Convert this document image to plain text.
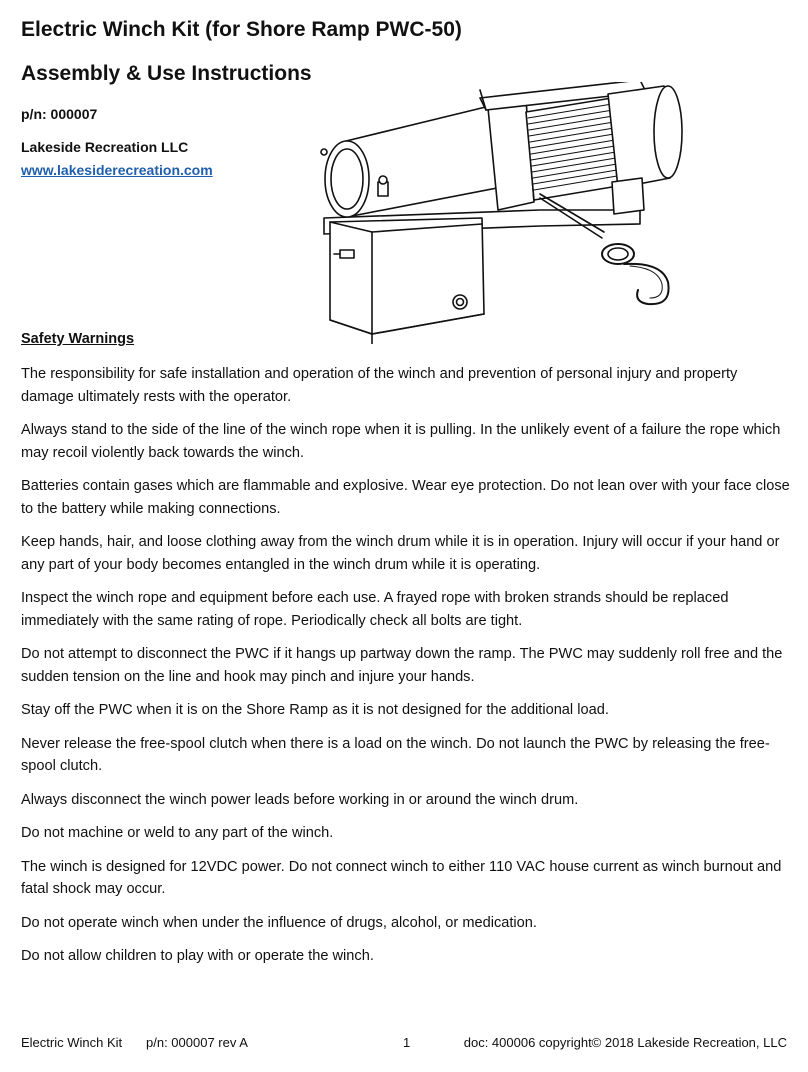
Electric Winch Kit (for Shore Ramp PWC-50)
Assembly & Use Instructions
p/n: 000007
Lakeside Recreation LLC
www.lakesiderecreation.com
Safety Warnings
The responsibility for safe installation and operation of the winch and prevention of personal injury and property damage ultimately rests with the operator.
Always stand to the side of the line of the winch rope when it is pulling. In the unlikely event of a failure the rope which may recoil violently back towards the winch.
Batteries contain gases which are flammable and explosive. Wear eye protection. Do not lean over with your face close to the battery while making connections.
Keep hands, hair, and loose clothing away from the winch drum while it is in operation. Injury will occur if your hand or any part of your body becomes entangled in the winch drum while it is operating.
Inspect the winch rope and equipment before each use. A frayed rope with broken strands should be replaced immediately with the same rating of rope. Periodically check all bolts are tight.
Do not attempt to disconnect the PWC if it hangs up partway down the ramp. The PWC may suddenly roll free and the sudden tension on the line and hook may pinch and injure your hands.
Stay off the PWC when it is on the Shore Ramp as it is not designed for the additional load.
Never release the free-spool clutch when there is a load on the winch. Do not launch the PWC by releasing the free-spool clutch.
Always disconnect the winch power leads before working in or around the winch drum.
Do not machine or weld to any part of the winch.
The winch is designed for 12VDC power. Do not connect winch to either 110 VAC house current as winch burnout and fatal shock may occur.
Do not operate winch when under the influence of drugs, alcohol, or medication.
Do not allow children to play with or operate the winch.
Electric Winch Kit p/n: 000007 rev A	1	doc: 400006 copyright© 2018 Lakeside Recreation, LLC
